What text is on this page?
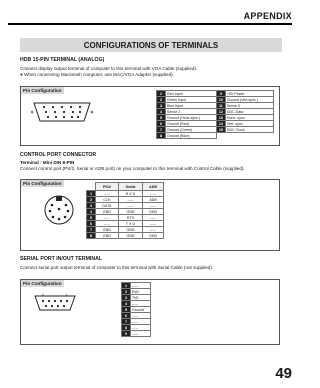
APPENDIX
CONFIGURATIONS OF TERMINALS
HDB 15-PIN TERMINAL (ANALOG)
Connect display output terminal of computer to this terminal with VGA Cable (supplied).
● When connecting Macintosh computer, use MAC/VGA Adapter (supplied).
Pin Configuration
1	Red Input	9	+5V Power
2	Green Input	10	Ground (Vert.sync.)
3	Blue Input	11	Sense 0
4	Sense 2	12	DDC Data
5	Ground (Horiz.sync.)	13	Horiz. sync.
6	Ground (Red)	14	Vert. sync.
7	Ground (Green)	15	DDC Clock
8	Ground (Blue)		
CONTROL PORT CONNECTOR
Terminal : Mini DIN 8-PIN
Connect control port (PS/2, Serial or ADB port) on your computer to this terminal with Control Cable (supplied).
Pin Configuration
	PS/2	Serial	ADB
1	-----	R X D	-----
2	CLK	-----	ADB
3	DATA	-----	-----
4	GND	GND	GND
5	-----	RTS	-----
6	-----	T X D	-----
7	GND	GND	-----
8	GND	GND	GND
SERIAL PORT IN/OUT TERMINAL
Connect serial port output terminal of computer to this terminal with Serial Cable (not supplied).
Pin Configuration
5	1
1	-----
2	RxD
3	TxD
4	-----
5	Ground
6	-----
7	-----
8	-----
9	-----
49
